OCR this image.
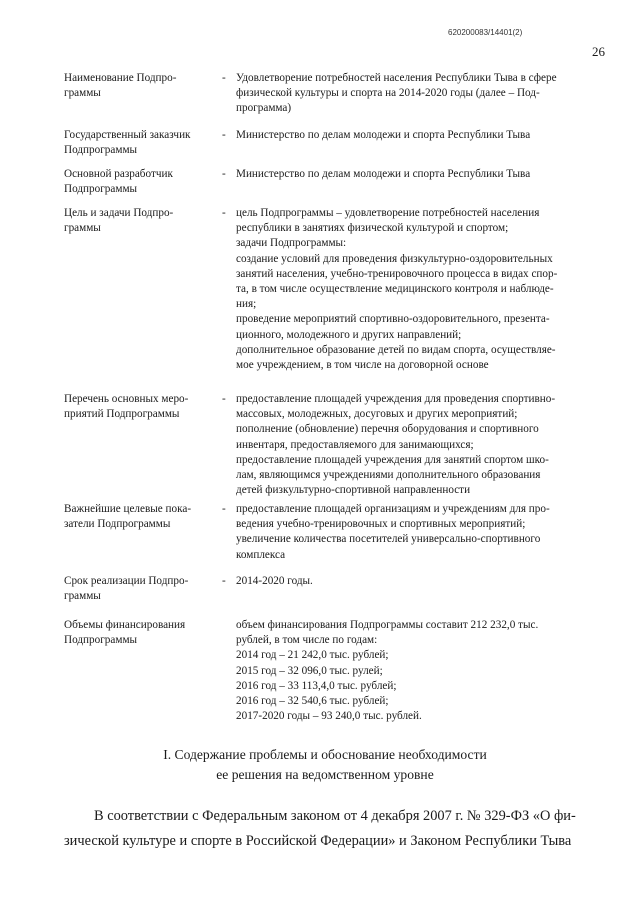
620200083/14401(2)
26
Наименование Подпро-
граммы
- Удовлетворение потребностей населения Республики Тыва в сфере
физической культуры и спорта на 2014-2020 годы (далее – Под-
программа)
Государственный заказчик
Подпрограммы
- Министерство по делам молодежи и спорта Республики Тыва
Основной разработчик
Подпрограммы
- Министерство по делам молодежи и спорта Республики Тыва
Цель и задачи Подпро-
граммы
- цель Подпрограммы – удовлетворение потребностей населения
республики в занятиях физической культурой и спортом;
задачи Подпрограммы:
создание условий для проведения физкультурно-оздоровительных
занятий населения, учебно-тренировочного процесса в видах спор-
та, в том числе осуществление медицинского контроля и наблюде-
ния;
проведение мероприятий спортивно-оздоровительного, презента-
ционного, молодежного и других направлений;
дополнительное образование детей по видам спорта, осуществляе-
мое учреждением, в том числе на договорной основе
Перечень основных меро-
приятий Подпрограммы
- предоставление площадей учреждения для проведения спортивно-
массовых, молодежных, досуговых и других мероприятий;
пополнение (обновление) перечня оборудования и спортивного
инвентаря, предоставляемого для занимающихся;
предоставление площадей учреждения для занятий спортом шко-
лам, являющимся учреждениями дополнительного образования
детей физкультурно-спортивной направленности
Важнейшие целевые пока-
затели Подпрограммы
- предоставление площадей организациям и учреждениям для про-
ведения учебно-тренировочных и спортивных мероприятий;
увеличение количества посетителей универсально-спортивного
комплекса
Срок реализации Подпро-
граммы
- 2014-2020 годы.
Объемы финансирования
Подпрограммы
объем финансирования Подпрограммы составит 212 232,0 тыс.
рублей, в том числе по годам:
2014 год – 21 242,0 тыс. рублей;
2015 год – 32 096,0 тыс. рулей;
2016 год – 33 113,4,0 тыс. рублей;
2016 год – 32 540,6 тыс. рублей;
2017-2020 годы – 93 240,0 тыс. рублей.
I. Содержание проблемы и обоснование необходимости
ее решения на ведомственном уровне
В соответствии с Федеральным законом от 4 декабря 2007 г. № 329-ФЗ «О фи-
зической культуре и спорте в Российской Федерации» и Законом Республики Тыва
